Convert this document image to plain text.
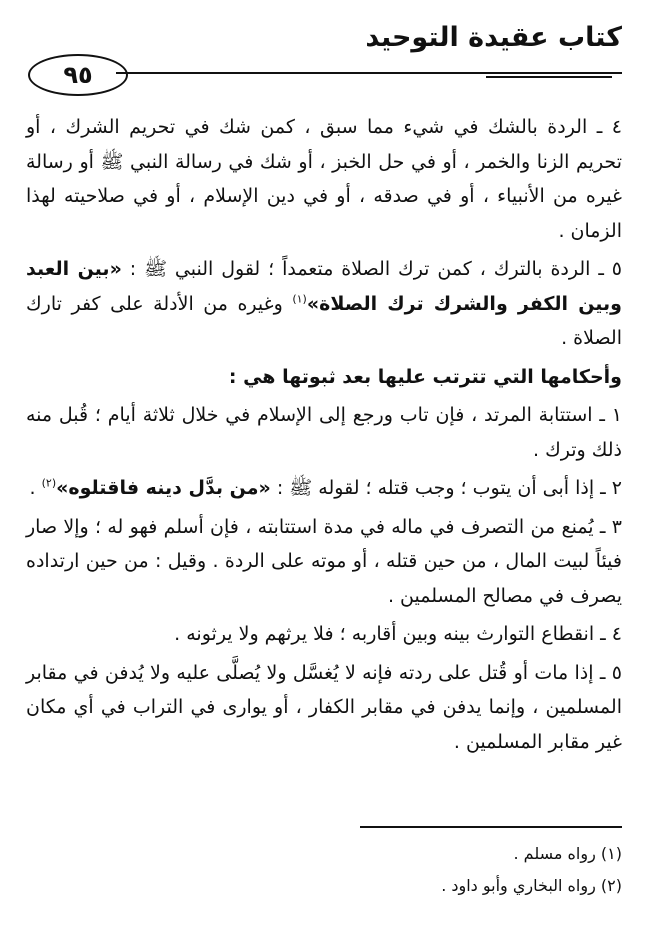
كتاب عقيدة التوحيد
٩٥

٤ ـ الردة بالشك في شيء مما سبق ، كمن شك في تحريم الشرك ، أو تحريم الزنا والخمر ، أو في حل الخبز ، أو شك في رسالة النبي ﷺ أو رسالة غيره من الأنبياء ، أو في صدقه ، أو في دين الإسلام ، أو في صلاحيته لهذا الزمان .

٥ ـ الردة بالترك ، كمن ترك الصلاة متعمداً ؛ لقول النبي ﷺ : «بين العبد وبين الكفر والشرك ترك الصلاة»$^{(١)}$ وغيره من الأدلة على كفر تارك الصلاة .

وأحكامها التي تترتب عليها بعد ثبوتها هي :

١ ـ استتابة المرتد ، فإن تاب ورجع إلى الإسلام في خلال ثلاثة أيام ؛ قُبل منه ذلك وترك .

٢ ـ إذا أبى أن يتوب ؛ وجب قتله ؛ لقوله ﷺ : «من بدَّل دينه فاقتلوه»$^{(٢)}$ .

٣ ـ يُمنع من التصرف في ماله في مدة استتابته ، فإن أسلم فهو له ؛ وإلا صار فيئاً لبيت المال ، من حين قتله ، أو موته على الردة . وقيل : من حين ارتداده يصرف في مصالح المسلمين .

٤ ـ انقطاع التوارث بينه وبين أقاربه ؛ فلا يرثهم ولا يرثونه .

٥ ـ إذا مات أو قُتل على ردته فإنه لا يُغسَّل ولا يُصلَّى عليه ولا يُدفن في مقابر المسلمين ، وإنما يدفن في مقابر الكفار ، أو يوارى في التراب في أي مكان غير مقابر المسلمين .

(١) رواه مسلم .
(٢) رواه البخاري وأبو داود .
